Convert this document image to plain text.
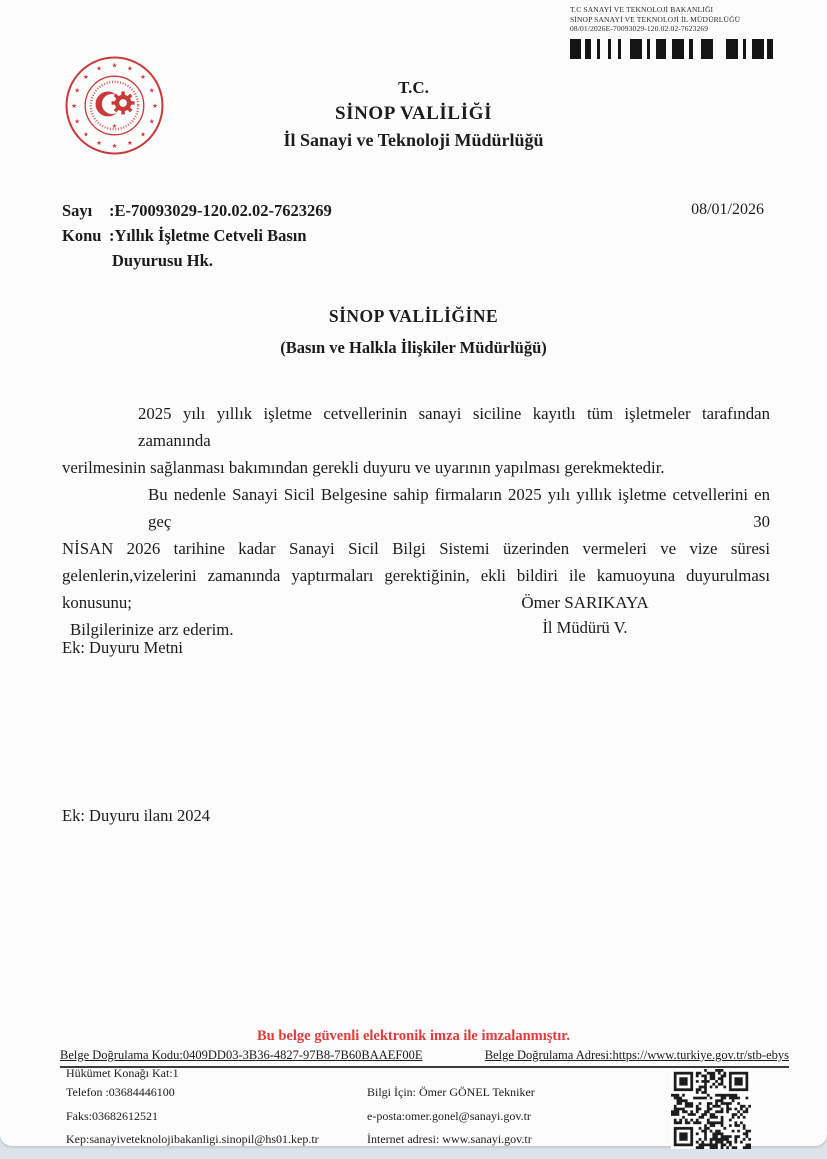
T.C SANAYİ VE TEKNOLOJİ BAKANLIĞI
SİNOP SANAYİ VE TEKNOLOJİ İL MÜDÜRLÜĞÜ
08/01/2026E-70093029-120.02.02-7623269
★
★ ★
★
★
★
★
★
★
★
★
★
★
★
★
★
★
T.C.
SİNOP VALİLİĞİ
İl Sanayi ve Teknoloji Müdürlüğü
Sayı :E-70093029-120.02.02-7623269
Konu :Yıllık İşletme Cetveli Basın
Duyurusu Hk.
08/01/2026
SİNOP VALİLİĞİNE
(Basın ve Halkla İlişkiler Müdürlüğü)
2025 yılı yıllık işletme cetvellerinin sanayi siciline kayıtlı tüm işletmeler tarafından zamanında
verilmesinin sağlanması bakımından gerekli duyuru ve uyarının yapılması gerekmektedir.
Bu nedenle Sanayi Sicil Belgesine sahip firmaların 2025 yılı yıllık işletme cetvellerini en geç 30
NİSAN 2026 tarihine kadar Sanayi Sicil Bilgi Sistemi üzerinden vermeleri ve vize süresi
gelenlerin,vizelerini zamanında yaptırmaları gerektiğinin, ekli bildiri ile kamuoyuna duyurulması
konusunu;
Bilgilerinize arz ederim.
Ömer SARIKAYA
İl Müdürü V.
Ek: Duyuru Metni
Ek: Duyuru ilanı 2024
Bu belge güvenli elektronik imza ile imzalanmıştır.
Belge Doğrulama Kodu:0409DD03-3B36-4827-97B8-7B60BAAEF00E	Belge Doğrulama Adresi:https://www.turkiye.gov.tr/stb-ebys
Hükümet Konağı Kat:1
Telefon :03684446100
Faks:03682612521
Kep:sanayiveteknolojibakanligi.sinopil@hs01.kep.tr
Bilgi İçin: Ömer GÖNEL Tekniker
e-posta:omer.gonel@sanayi.gov.tr
İnternet adresi: www.sanayi.gov.tr
